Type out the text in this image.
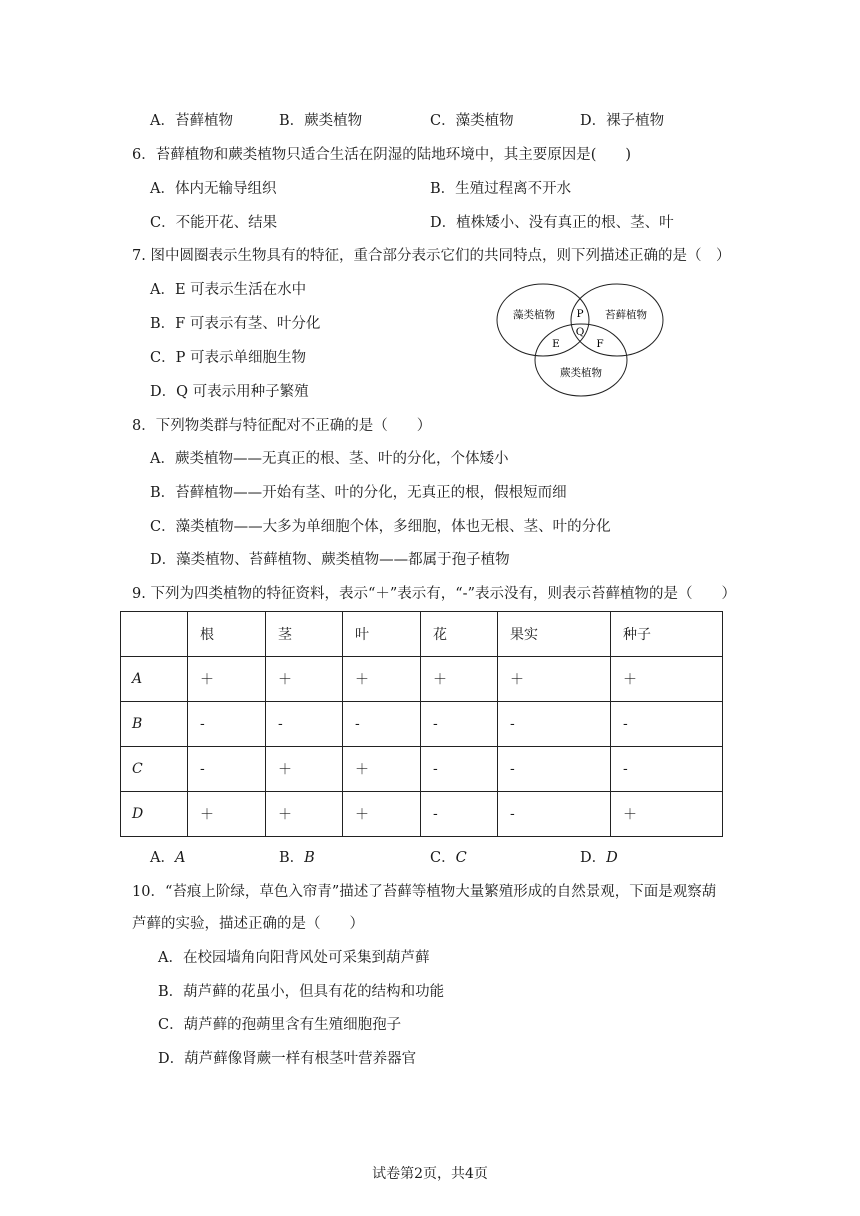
A．苔藓植物	B．蕨类植物	C．藻类植物	D．裸子植物
6．苔藓植物和蕨类植物只适合生活在阴湿的陆地环境中，其主要原因是(　　)
A．体内无输导组织	B．生殖过程离不开水
C．不能开花、结果	D．植株矮小、没有真正的根、茎、叶
7. 图中圆圈表示生物具有的特征，重合部分表示它们的共同特点，则下列描述正确的是（　）
A．E 可表示生活在水中
B．F 可表示有茎、叶分化
C．P 可表示单细胞生物
D．Q 可表示用种子繁殖
藻类植物	苔藓植物
蕨类植物
P
Q
E	F
8．下列物类群与特征配对不正确的是（　　）
A．蕨类植物——无真正的根、茎、叶的分化，个体矮小
B．苔藓植物——开始有茎、叶的分化，无真正的根，假根短而细
C．藻类植物——大多为单细胞个体，多细胞，体也无根、茎、叶的分化
D．藻类植物、苔藓植物、蕨类植物——都属于孢子植物
9. 下列为四类植物的特征资料，表示“＋”表示有，“-”表示没有，则表示苔藓植物的是（　　）
	根	茎	叶	花	果实	种子
A	＋	＋	＋	＋	＋	＋
B	-	-	-	-	-	-
C	-	＋	＋	-	-	-
D	＋	＋	＋	-	-	＋
A．A	B．B	C．C	D．D
10．“苔痕上阶绿，草色入帘青”描述了苔藓等植物大量繁殖形成的自然景观，下面是观察葫
芦藓的实验，描述正确的是（　　）
A．在校园墙角向阳背风处可采集到葫芦藓
B．葫芦藓的花虽小，但具有花的结构和功能
C．葫芦藓的孢蒴里含有生殖细胞孢子
D．葫芦藓像肾蕨一样有根茎叶营养器官
试卷第2页，共4页
